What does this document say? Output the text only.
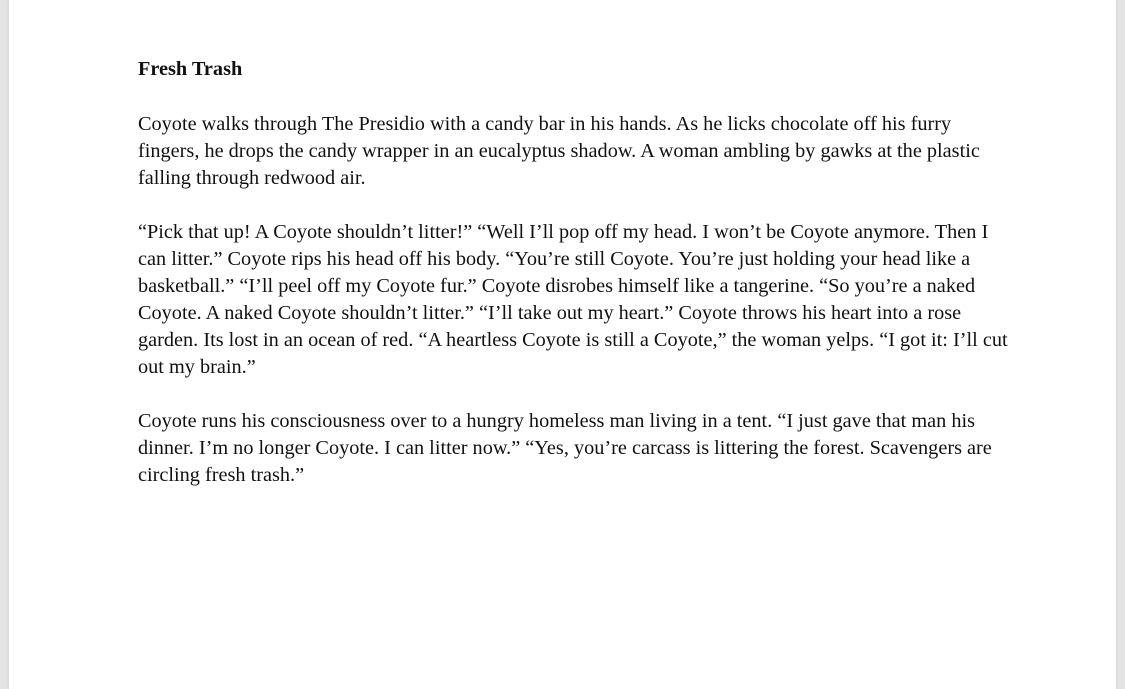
Fresh Trash

Coyote walks through The Presidio with a candy bar in his hands. As he licks chocolate off his furry fingers, he drops the candy wrapper in an eucalyptus shadow. A woman ambling by gawks at the plastic falling through redwood air.

“Pick that up! A Coyote shouldn’t litter!” “Well I’ll pop off my head. I won’t be Coyote anymore. Then I can litter.” Coyote rips his head off his body. “You’re still Coyote. You’re just holding your head like a basketball.” “I’ll peel off my Coyote fur.” Coyote disrobes himself like a tangerine. “So you’re a naked Coyote. A naked Coyote shouldn’t litter.” “I’ll take out my heart.” Coyote throws his heart into a rose garden. Its lost in an ocean of red. “A heartless Coyote is still a Coyote,” the woman yelps. “I got it: I’ll cut out my brain.”

Coyote runs his consciousness over to a hungry homeless man living in a tent. “I just gave that man his dinner. I’m no longer Coyote. I can litter now.” “Yes, you’re carcass is littering the forest. Scavengers are circling fresh trash.”
